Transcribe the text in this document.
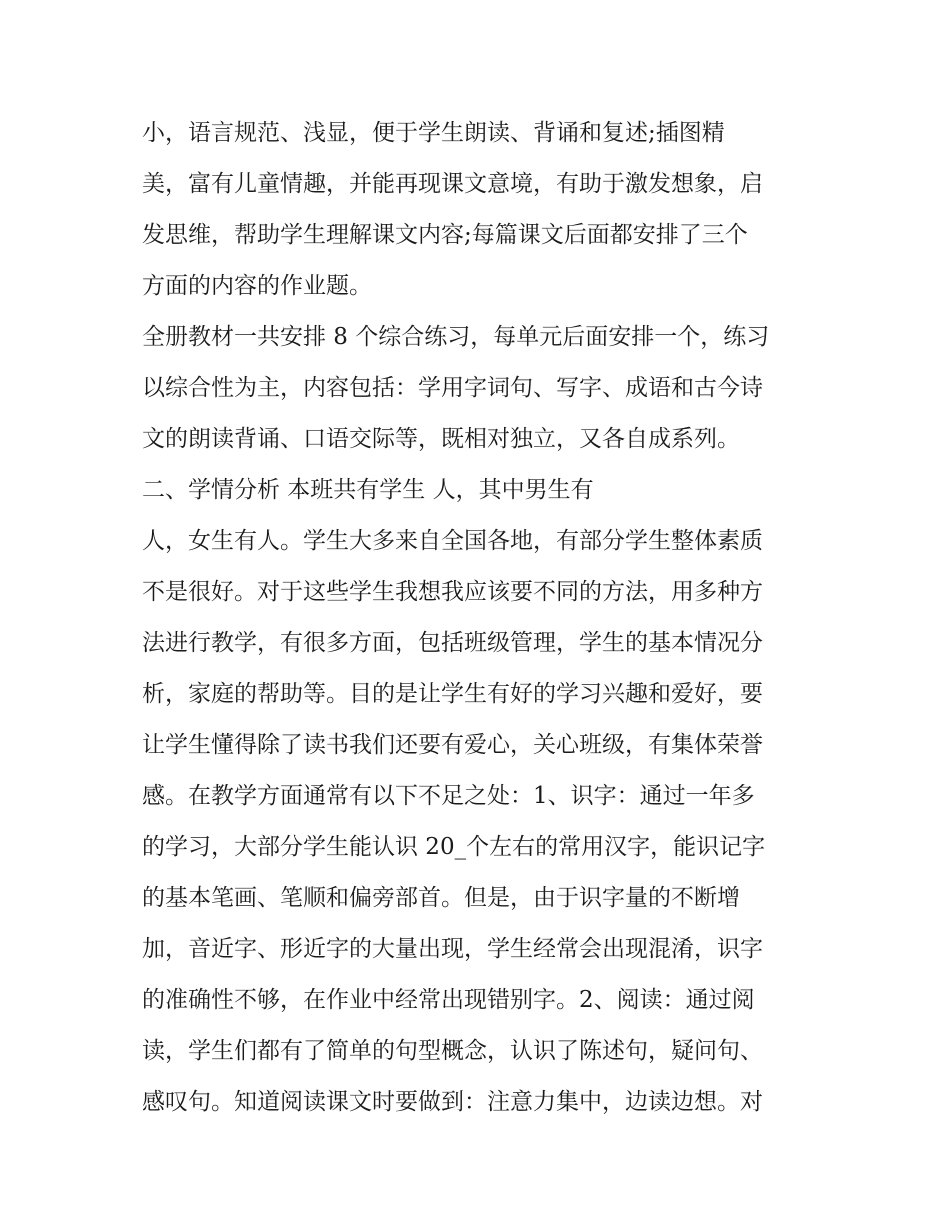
小，语言规范、浅显，便于学生朗读、背诵和复述;插图精
美，富有儿童情趣，并能再现课文意境，有助于激发想象，启
发思维，帮助学生理解课文内容;每篇课文后面都安排了三个
方面的内容的作业题。
全册教材一共安排 8 个综合练习，每单元后面安排一个，练习
以综合性为主，内容包括：学用字词句、写字、成语和古今诗
文的朗读背诵、口语交际等，既相对独立，又各自成系列。
二、学情分析 本班共有学生 人，其中男生有
人，女生有人。学生大多来自全国各地，有部分学生整体素质
不是很好。对于这些学生我想我应该要不同的方法，用多种方
法进行教学，有很多方面，包括班级管理，学生的基本情况分
析，家庭的帮助等。目的是让学生有好的学习兴趣和爱好，要
让学生懂得除了读书我们还要有爱心，关心班级，有集体荣誉
感。在教学方面通常有以下不足之处：1、识字：通过一年多
的学习，大部分学生能认识 20_个左右的常用汉字，能识记字
的基本笔画、笔顺和偏旁部首。但是，由于识字量的不断增
加，音近字、形近字的大量出现，学生经常会出现混淆，识字
的准确性不够，在作业中经常出现错别字。2、阅读：通过阅
读，学生们都有了简单的句型概念，认识了陈述句，疑问句、
感叹句。知道阅读课文时要做到：注意力集中，边读边想。对
